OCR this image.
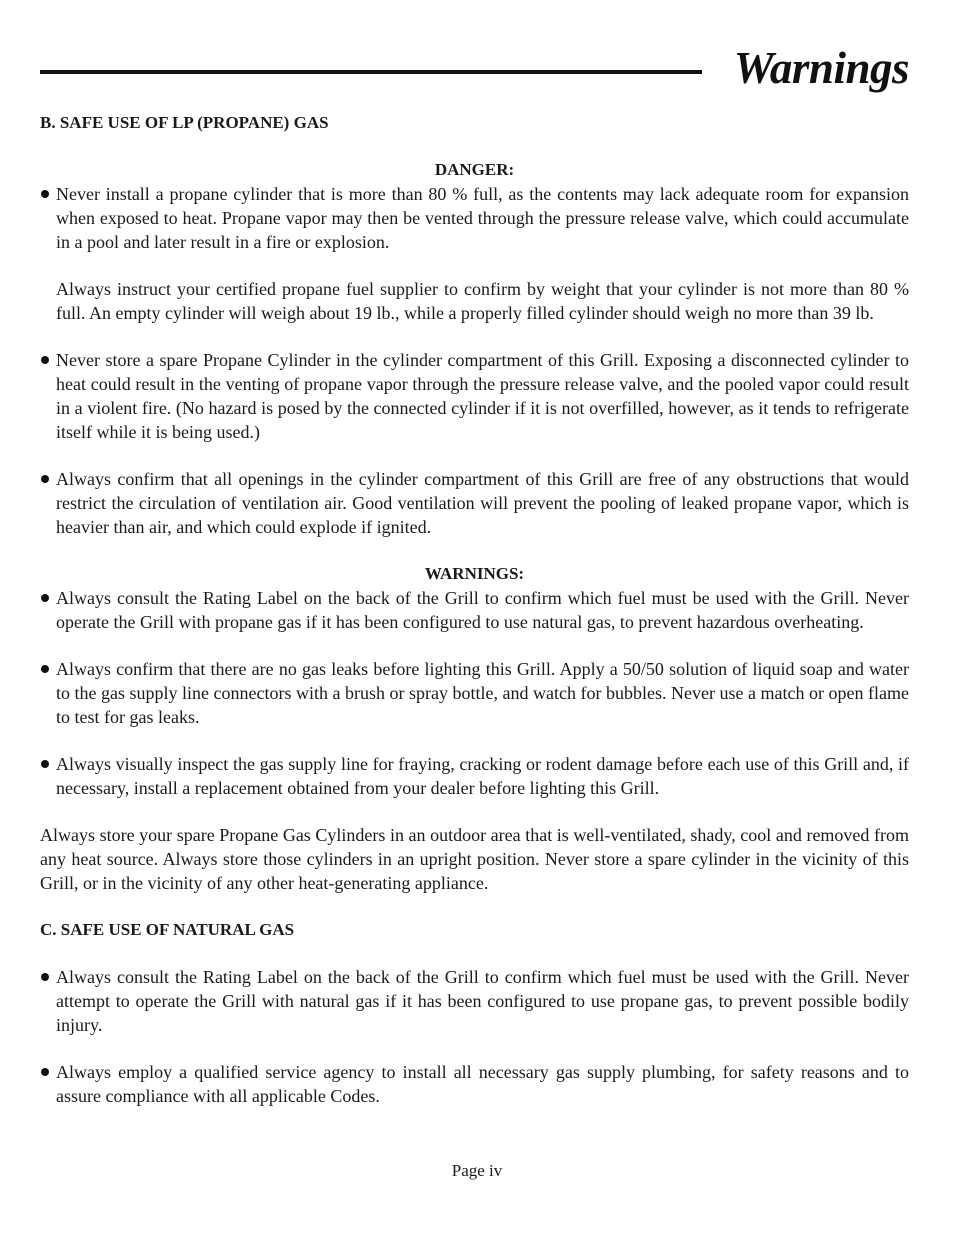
Warnings

B. SAFE USE OF LP (PROPANE) GAS

DANGER:

Never install a propane cylinder that is more than 80 % full, as the contents may lack adequate room for expansion when exposed to heat. Propane vapor may then be vented through the pressure release valve, which could accumulate in a pool and later result in a fire or explosion.

Always instruct your certified propane fuel supplier to confirm by weight that your cylinder is not more than 80 % full. An empty cylinder will weigh about 19 lb., while a properly filled cylinder should weigh no more than 39 lb.

Never store a spare Propane Cylinder in the cylinder compartment of this Grill. Exposing a disconnected cylinder to heat could result in the venting of propane vapor through the pressure release valve, and the pooled vapor could result in a violent fire. (No hazard is posed by the connected cylinder if it is not overfilled, however, as it tends to refrigerate itself while it is being used.)

Always confirm that all openings in the cylinder compartment of this Grill are free of any obstructions that would restrict the circulation of ventilation air. Good ventilation will prevent the pooling of leaked propane vapor, which is heavier than air, and which could explode if ignited.

WARNINGS:

Always consult the Rating Label on the back of the Grill to confirm which fuel must be used with the Grill. Never operate the Grill with propane gas if it has been configured to use natural gas, to prevent hazardous overheating.

Always confirm that there are no gas leaks before lighting this Grill. Apply a 50/50 solution of liquid soap and water to the gas supply line connectors with a brush or spray bottle, and watch for bubbles. Never use a match or open flame to test for gas leaks.

Always visually inspect the gas supply line for fraying, cracking or rodent damage before each use of this Grill and, if necessary, install a replacement obtained from your dealer before lighting this Grill.

Always store your spare Propane Gas Cylinders in an outdoor area that is well-ventilated, shady, cool and removed from any heat source. Always store those cylinders in an upright position. Never store a spare cylinder in the vicinity of this Grill, or in the vicinity of any other heat-generating appliance.

C. SAFE USE OF NATURAL GAS

Always consult the Rating Label on the back of the Grill to confirm which fuel must be used with the Grill. Never attempt to operate the Grill with natural gas if it has been configured to use propane gas, to prevent possible bodily injury.

Always employ a qualified service agency to install all necessary gas supply plumbing, for safety reasons and to assure compliance with all applicable Codes.

Page iv
